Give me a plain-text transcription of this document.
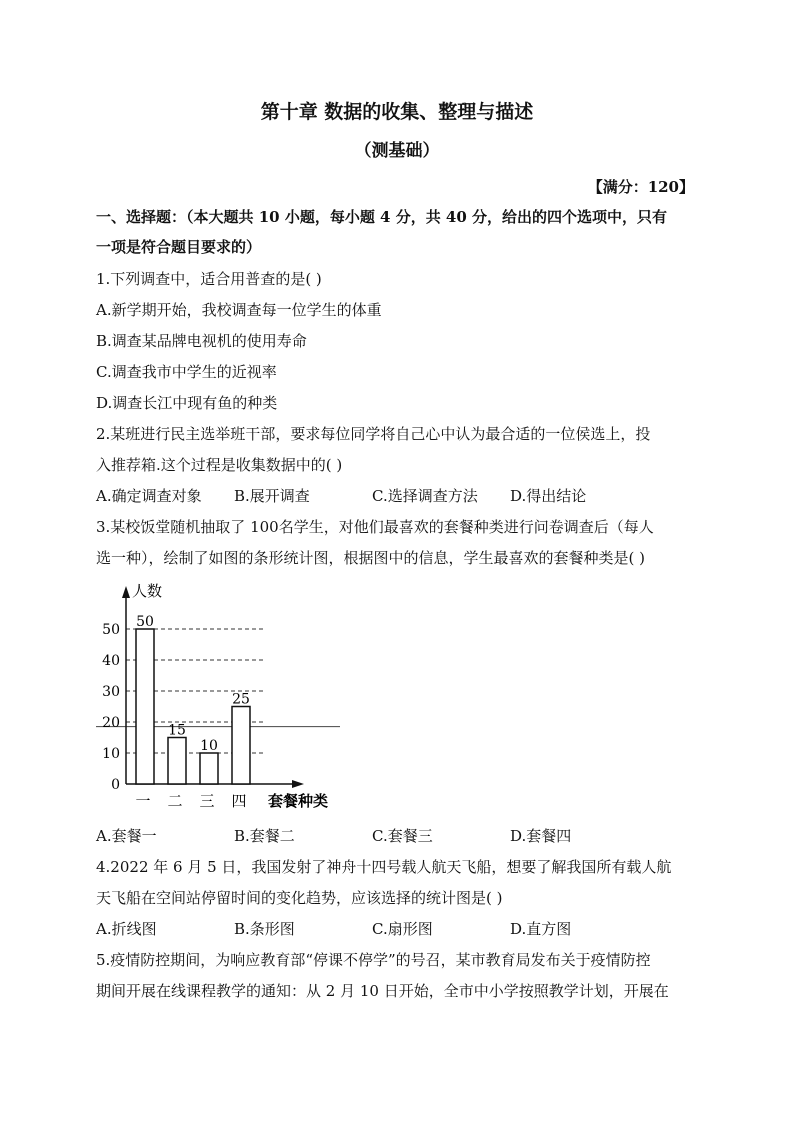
第十章 数据的收集、整理与描述
（测基础）
【满分：120】
一、选择题：（本大题共 10 小题，每小题 4 分，共 40 分，给出的四个选项中，只有
一项是符合题目要求的）
1.下列调查中，适合用普查的是( )
A.新学期开始，我校调查每一位学生的体重
B.调查某品牌电视机的使用寿命
C.调查我市中学生的近视率
D.调查长江中现有鱼的种类
2.某班进行民主选举班干部，要求每位同学将自己心中认为最合适的一位侯选上，投
入推荐箱.这个过程是收集数据中的( )
A.确定调查对象 B.展开调查	C.选择调查方法 D.得出结论
3.某校饭堂随机抽取了 100名学生，对他们最喜欢的套餐种类进行问卷调查后（每人
选一种），绘制了如图的条形统计图，根据图中的信息，学生最喜欢的套餐种类是( )
0
10
20
30
40
50
人数
50
一
15
二
10
三
25
四 套餐种类
A.套餐一	B.套餐二	C.套餐三	D.套餐四
4.2022 年 6 月 5 日，我国发射了神舟十四号载人航天飞船，想要了解我国所有载人航
天飞船在空间站停留时间的变化趋势，应该选择的统计图是( )
A.折线图	B.条形图	C.扇形图	D.直方图
5.疫情防控期间，为响应教育部“停课不停学”的号召，某市教育局发布关于疫情防控
期间开展在线课程教学的通知：从 2 月 10 日开始，全市中小学按照教学计划，开展在
